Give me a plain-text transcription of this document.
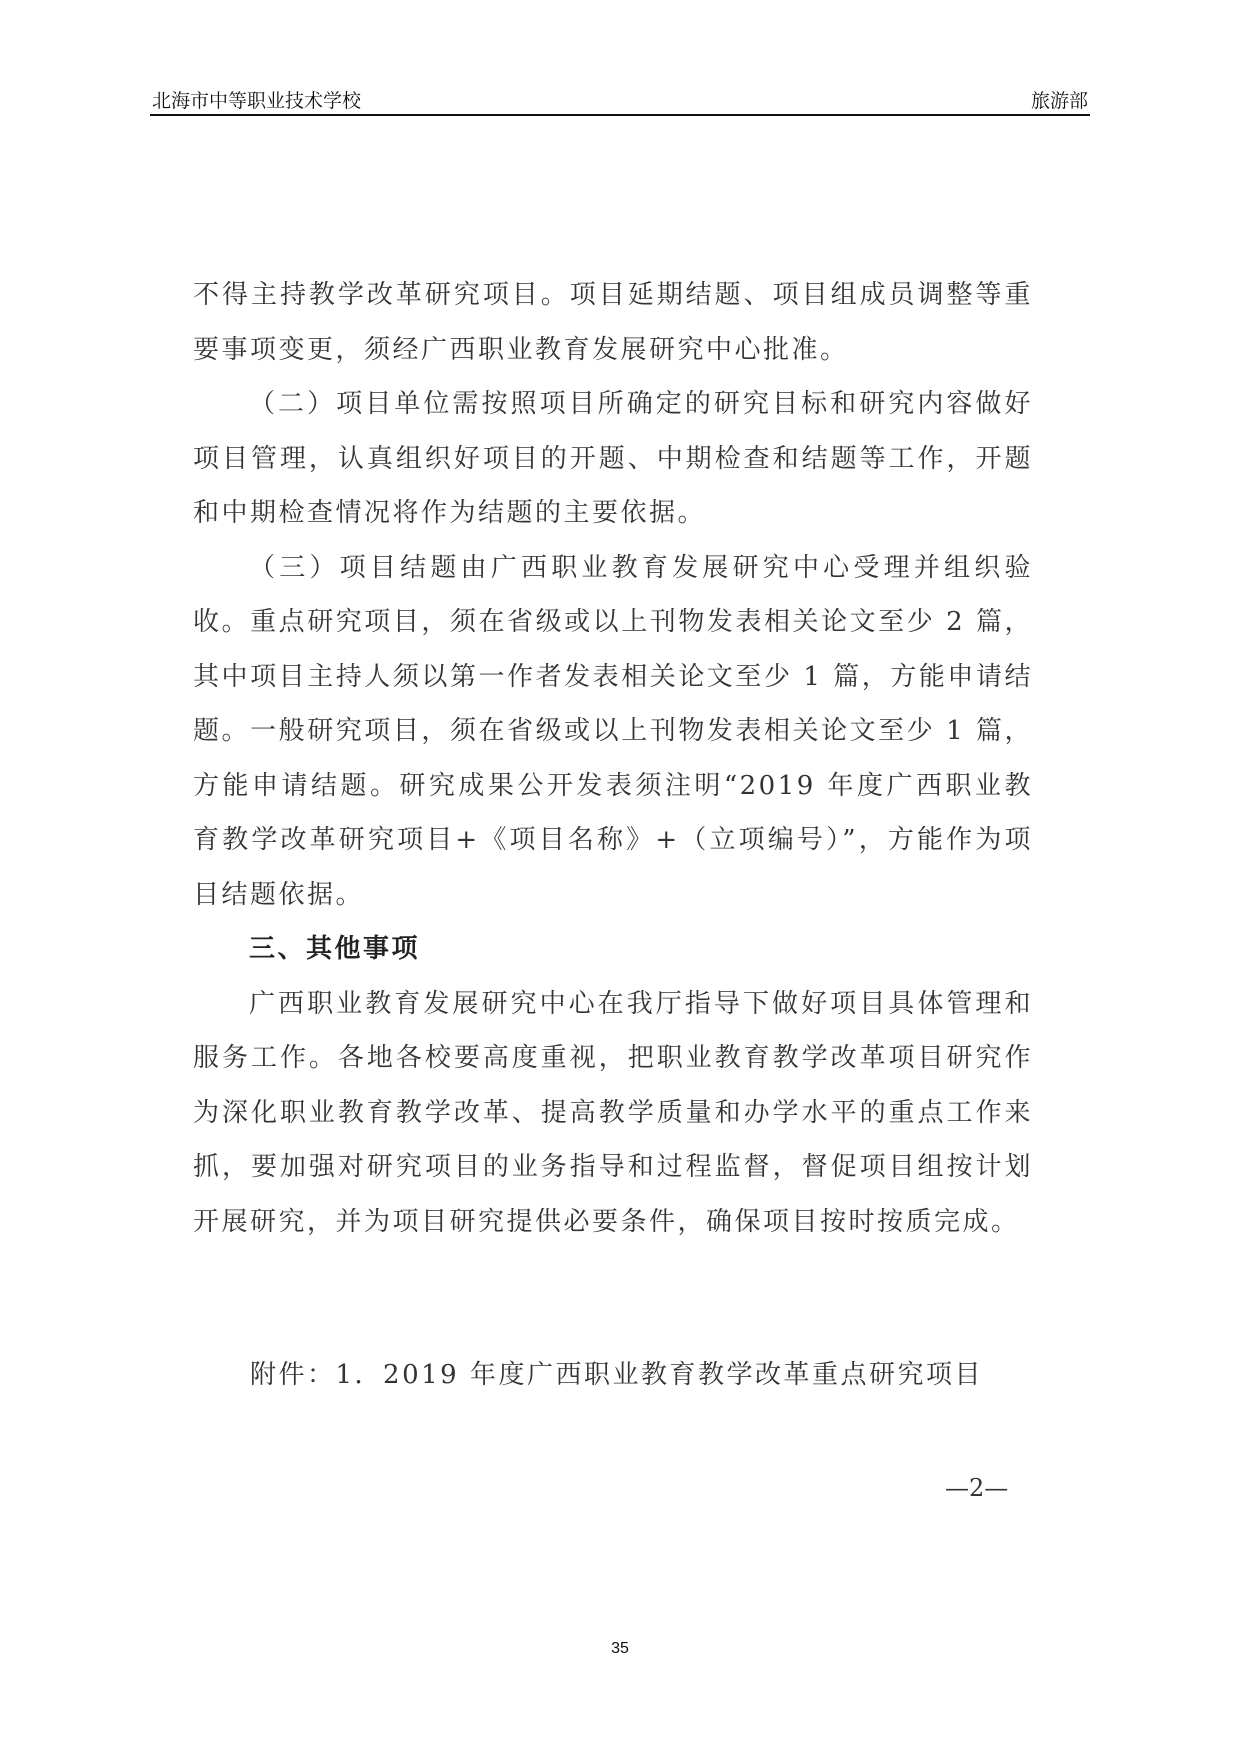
北海市中等职业技术学校	旅游部

不得主持教学改革研究项目。项目延期结题、项目组成员调整等重要事项变更，须经广西职业教育发展研究中心批准。

（二）项目单位需按照项目所确定的研究目标和研究内容做好项目管理，认真组织好项目的开题、中期检查和结题等工作，开题和中期检查情况将作为结题的主要依据。

（三）项目结题由广西职业教育发展研究中心受理并组织验收。重点研究项目，须在省级或以上刊物发表相关论文至少 2 篇，其中项目主持人须以第一作者发表相关论文至少 1 篇，方能申请结题。一般研究项目，须在省级或以上刊物发表相关论文至少 1 篇，方能申请结题。研究成果公开发表须注明“2019 年度广西职业教育教学改革研究项目+《项目名称》+（立项编号）”，方能作为项目结题依据。

三、其他事项

广西职业教育发展研究中心在我厅指导下做好项目具体管理和服务工作。各地各校要高度重视，把职业教育教学改革项目研究作为深化职业教育教学改革、提高教学质量和办学水平的重点工作来抓，要加强对研究项目的业务指导和过程监督，督促项目组按计划开展研究，并为项目研究提供必要条件，确保项目按时按质完成。

附件：1．2019 年度广西职业教育教学改革重点研究项目
—2—
35
